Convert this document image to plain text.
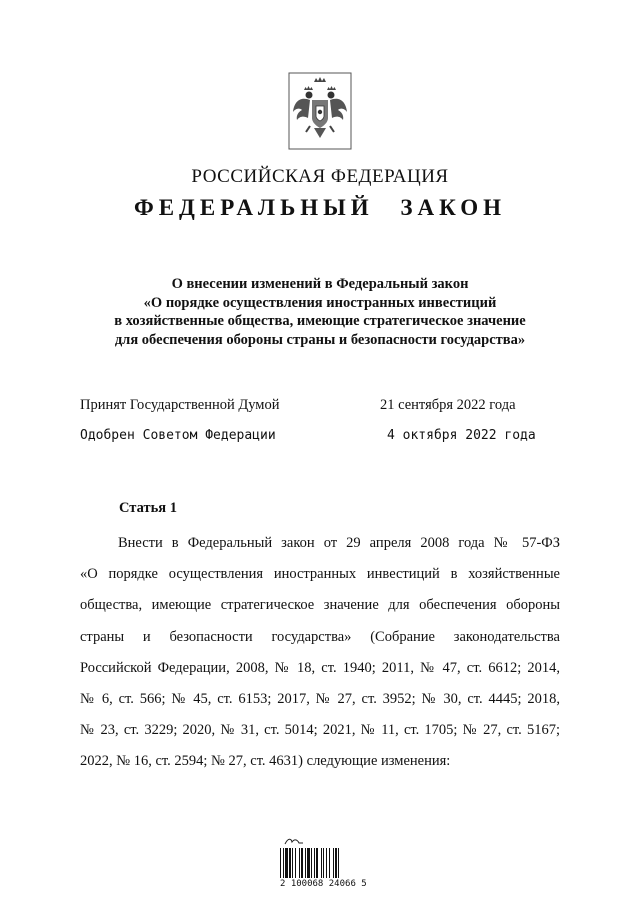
РОССИЙСКАЯ ФЕДЕРАЦИЯ
ФЕДЕРАЛЬНЫЙ ЗАКОН
О внесении изменений в Федеральный закон
«О порядке осуществления иностранных инвестиций
в хозяйственные общества, имеющие стратегическое значение
для обеспечения обороны страны и безопасности государства»
Принят Государственной Думой	21 сентября 2022 года
Одобрен Советом Федерации	4 октября 2022 года
Статья 1
Внести в Федеральный закон от 29 апреля 2008 года № 57-ФЗ
«О порядке осуществления иностранных инвестиций в хозяйственные
общества, имеющие стратегическое значение для обеспечения обороны
страны и безопасности государства» (Собрание законодательства
Российской Федерации, 2008, № 18, ст. 1940; 2011, № 47, ст. 6612; 2014,
№ 6, ст. 566; № 45, ст. 6153; 2017, № 27, ст. 3952; № 30, ст. 4445; 2018,
№ 23, ст. 3229; 2020, № 31, ст. 5014; 2021, № 11, ст. 1705; № 27, ст. 5167;
2022, № 16, ст. 2594; № 27, ст. 4631) следующие изменения:
2 100068 24066 5
